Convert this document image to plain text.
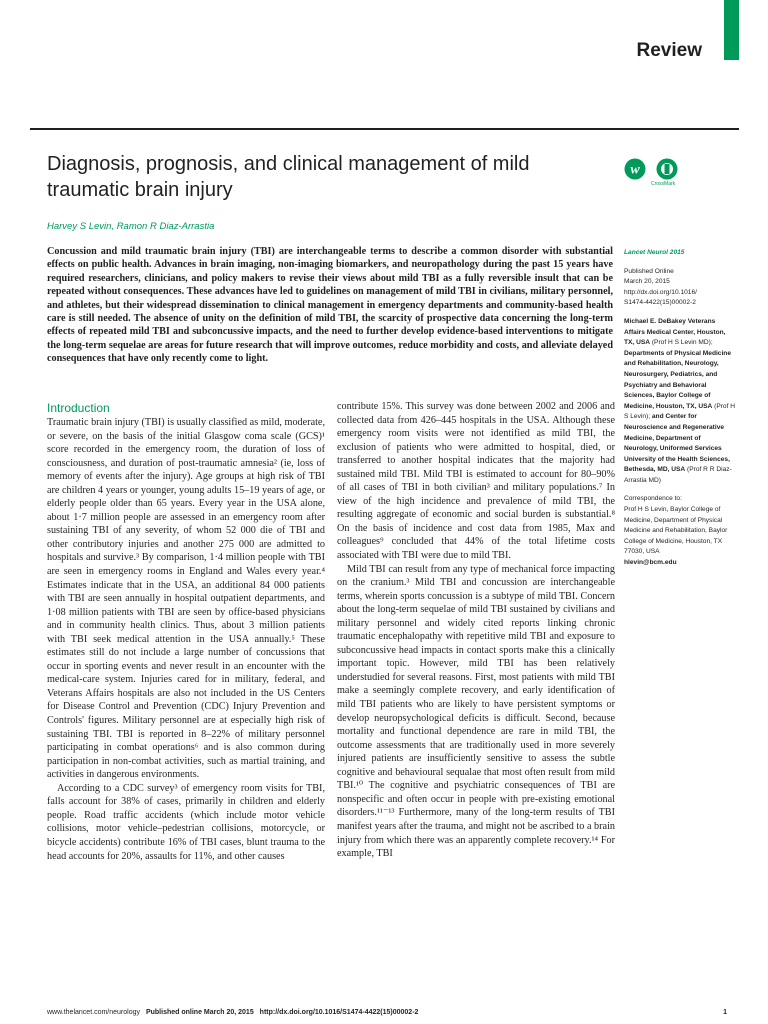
Review
Diagnosis, prognosis, and clinical management of mild traumatic brain injury
w
CrossMark
Harvey S Levin, Ramon R Diaz-Arrastia

Concussion and mild traumatic brain injury (TBI) are interchangeable terms to describe a common disorder with substantial effects on public health. Advances in brain imaging, non-imaging biomarkers, and neuropathology during the past 15 years have required researchers, clinicians, and policy makers to revise their views about mild TBI as a fully reversible insult that can be repeated without consequences. These advances have led to guidelines on management of mild TBI in civilians, military personnel, and athletes, but their widespread dissemination to clinical management in emergency departments and community-based health care is still needed. The absence of unity on the definition of mild TBI, the scarcity of prospective data concerning the long-term effects of repeated mild TBI and subconcussive impacts, and the need to further develop evidence-based interventions to mitigate the long-term sequelae are areas for future research that will improve outcomes, reduce morbidity and costs, and alleviate delayed consequences that have only recently come to light.

Introduction

Traumatic brain injury (TBI) is usually classified as mild, moderate, or severe, on the basis of the initial Glasgow coma scale (GCS)¹ score recorded in the emergency room, the duration of loss of consciousness, and duration of post-traumatic amnesia² (ie, loss of memory of events after the injury). Age groups at high risk of TBI are children 4 years or younger, young adults 15–19 years of age, or elderly people older than 65 years. Every year in the USA alone, about 1·7 million people are assessed in an emergency room after sustaining TBI of any severity, of whom 52 000 die of TBI and other contributory injuries and another 275 000 are admitted to hospitals and survive.³ By comparison, 1·4 million people with TBI are seen in emergency rooms in England and Wales every year.⁴ Estimates indicate that in the USA, an additional 84 000 patients with TBI are seen annually in hospital outpatient departments, and 1·08 million patients with TBI are seen by office-based physicians and in community health clinics. Thus, about 3 million patients with TBI seek medical attention in the USA annually.⁵ These estimates still do not include a large number of concussions that occur in sporting events and never result in an encounter with the medical-care system. Injuries cared for in military, federal, and Veterans Affairs hospitals are also not included in the US Centers for Disease Control and Prevention (CDC) Injury Prevention and Controls' figures. Military personnel are at especially high risk of sustaining TBI. TBI is reported in 8–22% of military personnel participating in combat operations⁶ and is also common during participation in non-combat activities, such as martial training, and activities in dangerous environments.

According to a CDC survey³ of emergency room visits for TBI, falls account for 38% of cases, primarily in children and elderly people. Road traffic accidents (which include motor vehicle collisions, motor vehicle–pedestrian collisions, motorcycle, or bicycle accidents) contribute 16% of TBI cases, blunt trauma to the head accounts for 20%, assaults for 11%, and other causes

contribute 15%. This survey was done between 2002 and 2006 and collected data from 426–445 hospitals in the USA. Although these emergency room visits were not identified as mild TBI, the exclusion of patients who were admitted to hospital, died, or transferred to another hospital indicates that the majority had sustained mild TBI. Mild TBI is estimated to account for 80–90% of all cases of TBI in both civilian³ and military populations.⁷ In view of the high incidence and prevalence of mild TBI, the resulting aggregate of economic and social burden is substantial.⁸ On the basis of incidence and cost data from 1985, Max and colleagues⁹ concluded that 44% of the total lifetime costs associated with TBI were due to mild TBI.

Mild TBI can result from any type of mechanical force impacting on the cranium.³ Mild TBI and concussion are interchangeable terms, wherein sports concussion is a subtype of mild TBI. Concern about the long-term sequelae of mild TBI sustained by civilians and military personnel and widely cited reports linking chronic traumatic encephalopathy with repetitive mild TBI and exposure to subconcussive head impacts in contact sports make this a clinically important topic. However, mild TBI has been relatively understudied for several reasons. First, most patients with mild TBI make a seemingly complete recovery, and early identification of mild TBI patients who are likely to have persistent symptoms or develop neuropsychological deficits is difficult. Second, because mortality and functional dependence are rare in mild TBI, the outcome assessments that are traditionally used in more severely injured patients are insufficiently sensitive to assess the subtle cognitive and behavioural sequalae that most often result from mild TBI.¹⁰ The cognitive and psychiatric consequences of TBI are nonspecific and often occur in people with pre-existing emotional disorders.¹¹⁻¹³ Furthermore, many of the long-term results of TBI manifest years after the trauma, and might not be ascribed to a brain injury from which there was an apparently complete recovery.¹⁴ For example, TBI

Lancet Neurol 2015
Published Online
March 20, 2015
http://dx.doi.org/10.1016/
S1474-4422(15)00002-2
Michael E. DeBakey Veterans Affairs Medical Center, Houston, TX, USA (Prof H S Levin MD); Departments of Physical Medicine and Rehabilitation, Neurology, Neurosurgery, Pediatrics, and Psychiatry and Behavioral Sciences, Baylor College of Medicine, Houston, TX, USA (Prof H S Levin); and Center for Neuroscience and Regenerative Medicine, Department of Neurology, Uniformed Services University of the Health Sciences, Bethesda, MD, USA (Prof R R Diaz-Arrastia MD)
Correspondence to:
Prof H S Levin, Baylor College of Medicine, Department of Physical Medicine and Rehabilitation, Baylor College of Medicine, Houston, TX 77030, USA
hlevin@bcm.edu
www.thelancet.com/neurology Published online March 20, 2015 http://dx.doi.org/10.1016/S1474-4422(15)00002-2	1
